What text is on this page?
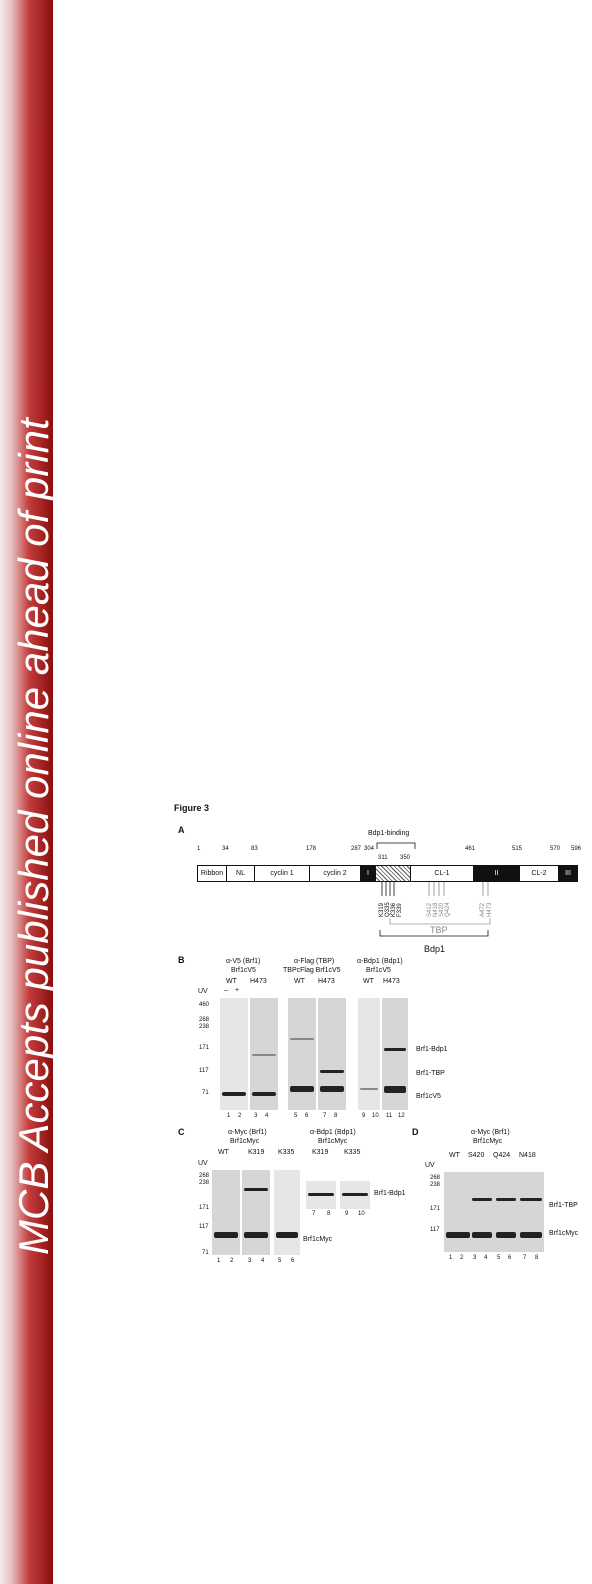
MCB Accepts published online ahead of print	Figure 3
A	Bdp1-binding
1	34	83	178	287 304
311 350
461	515	570 596
Ribbon	NL	cyclin 1	cyclin 2	I	CL-1	II	CL-2	III
K319 Q335 K336 F339	S412 N418 S420 Q424	A472 H473
TBP
Bdp1
B	α-V5 (Brf1)
Brf1cV5
α-Flag (TBP)
TBPcFlag Brf1cV5
α-Bdp1 (Bdp1)
Brf1cV5
WT H473	WT H473	WT H473
UV – +
460
268
238
171
117
71
1 2 3 4	5 6 7 8	9 10 11 12
Brf1-Bdp1
Brf1-TBP
Brf1cV5
C	α-Myc (Brf1)
Brf1cMyc
α-Bdp1 (Bdp1)
Brf1cMyc
WT	K319 K335	K319 K335
UV
268
238
171
117
71
1 2 3 4 5 6
7 8 9 10
Brf1-Bdp1
Brf1cMyc
D	α-Myc (Brf1)
Brf1cMyc
WT S420 Q424 N418
UV
268
238
171
117
1 2 3 4 5 6 7 8
Brf1-TBP
Brf1cMyc
